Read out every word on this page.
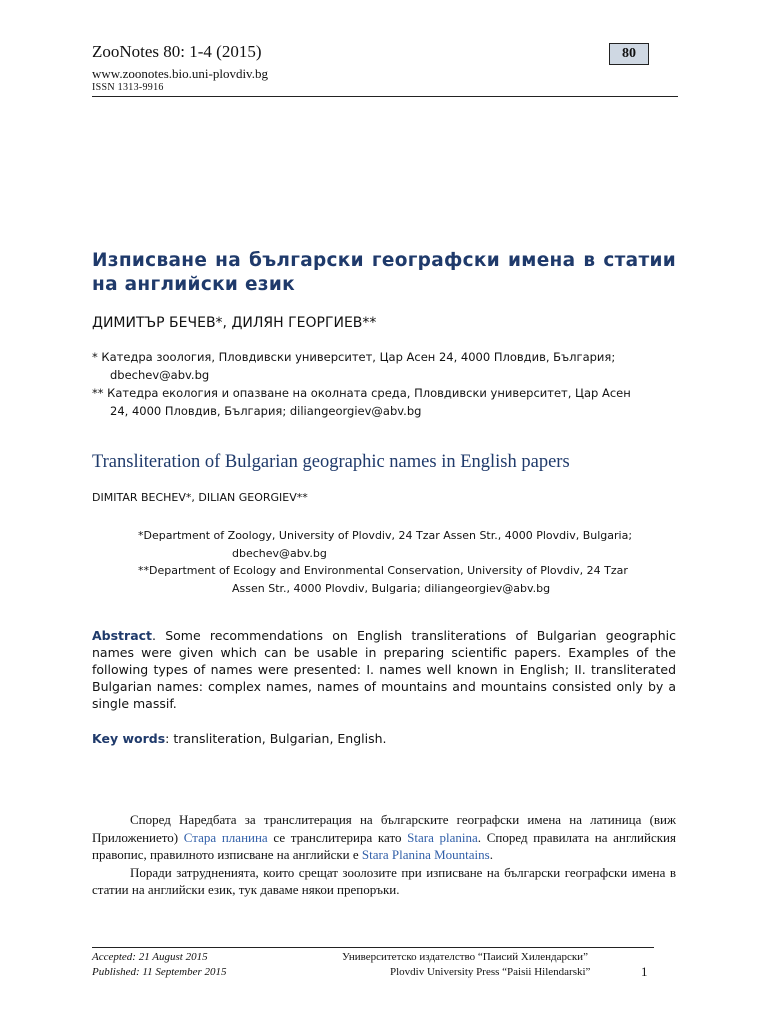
ZooNotes 80: 1-4 (2015)
www.zoonotes.bio.uni-plovdiv.bg
ISSN 1313-9916
80
Изписване на български географски имена в статии на английски език
ДИМИТЪР БЕЧЕВ*, ДИЛЯН ГЕОРГИЕВ**
* Катедра зоология, Пловдивски университет, Цар Асен 24, 4000 Пловдив, България;
dbechev@abv.bg
** Катедра екология и опазване на околната среда, Пловдивски университет, Цар Асен
24, 4000 Пловдив, България; diliangeorgiev@abv.bg
Transliteration of Bulgarian geographic names in English papers
DIMITAR BECHEV*, DILIAN GEORGIEV**
*Department of Zoology, University of Plovdiv, 24 Tzar Assen Str., 4000 Plovdiv, Bulgaria;
dbechev@abv.bg
**Department of Ecology and Environmental Conservation, University of Plovdiv, 24 Tzar
Assen Str., 4000 Plovdiv, Bulgaria; diliangeorgiev@abv.bg
Abstract. Some recommendations on English transliterations of Bulgarian geographic names were given which can be usable in preparing scientific papers. Examples of the following types of names were presented: I. names well known in English; II. transliterated Bulgarian names: complex names, names of mountains and mountains consisted only by a single massif.
Key words: transliteration, Bulgarian, English.

Според Наредбата за транслитерация на българските географски имена на латиница (виж Приложението) Стара планина се транслитерира като Stara planina. Според правилата на английския правопис, правилното изписване на английски е Stara Planina Mountains.

Поради затрудненията, които срещат зоолозите при изписване на български географски имена в статии на английски език, тук даваме някои препоръки.

Accepted: 21 August 2015
Published: 11 September 2015
Университетско издателство “Паисий Хилендарски”
Plovdiv University Press “Paisii Hilendarski”	1
